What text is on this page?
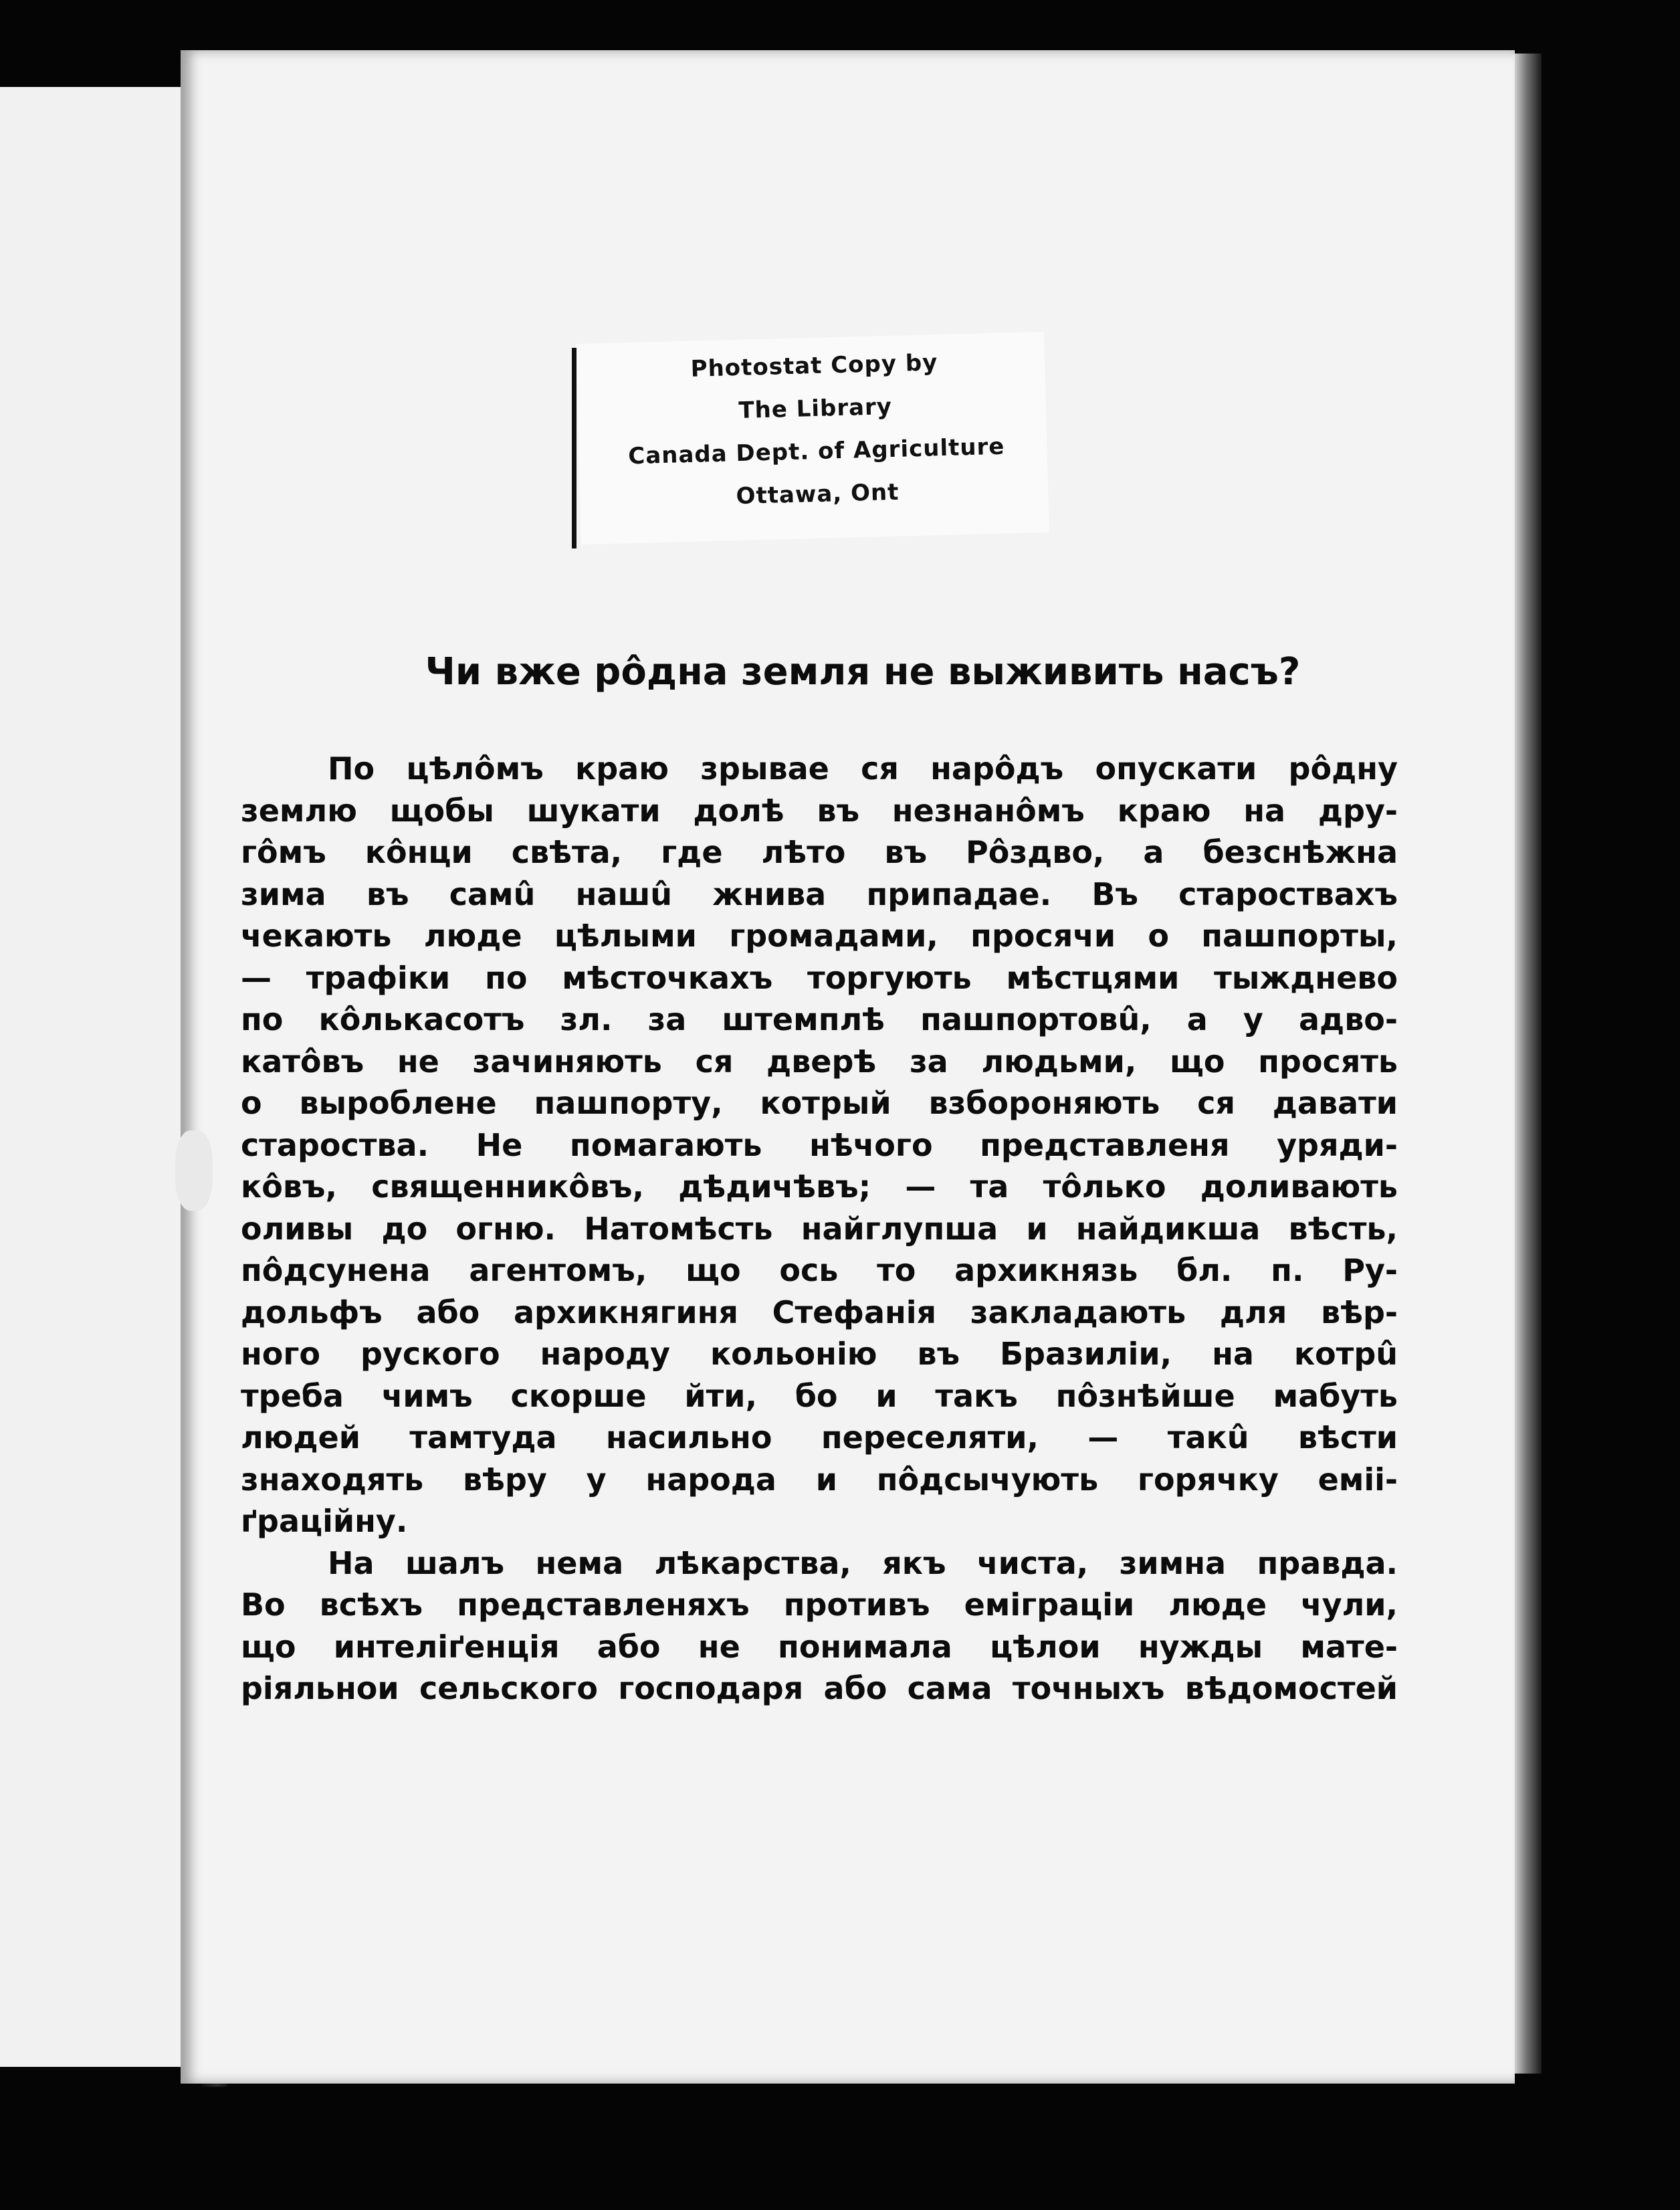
Photostat Copy by
The Library
Canada Dept. of Agriculture
Ottawa, Ont
Чи вже рôдна земля не выживить насъ?

По цѣлôмъ краю зрывае ся нарôдъ опускати рôдну
землю щобы шукати долѣ въ незнанôмъ краю на дру-
гôмъ кôнци свѣта, где лѣто въ Рôздво, а безснѣжна
зима въ самû нашû жнива припадае. Въ староствахъ
чекають люде цѣлыми громадами, просячи о пашпорты,
— трафіки по мѣсточкахъ торгують мѣстцями тыжднево
по кôлькасотъ зл. за штемплѣ пашпортовû, а у адво-
катôвъ не зачиняють ся дверѣ за людьми, що просять
о выроблене пашпорту, котрый взбороняють ся давати
староства. Не помагають нѣчого представленя уряди-
кôвъ, священникôвъ, дѣдичѣвъ; — та тôлько доливають
оливы до огню. Натомѣсть найглупша и найдикша вѣсть,
пôдсунена агентомъ, що ось то архикнязь бл. п. Ру-
дольфъ або архикнягиня Стефанія закладають для вѣр-
ного руского народу кольонію въ Бразиліи, на котрû
треба чимъ скорше йти, бо и такъ пôзнѣйше мабуть
людей тамтуда насильно переселяти, — такû вѣсти
знаходять вѣру у народа и пôдсычують горячку еміі-
ґраційну.

На шалъ нема лѣкарства, якъ чиста, зимна правда.
Во всѣхъ представленяхъ противъ еміграціи люде чули,
що интеліґенція або не понимала цѣлои нужды мате-
ріяльнои сельского господаря або сама точныхъ вѣдомостей
